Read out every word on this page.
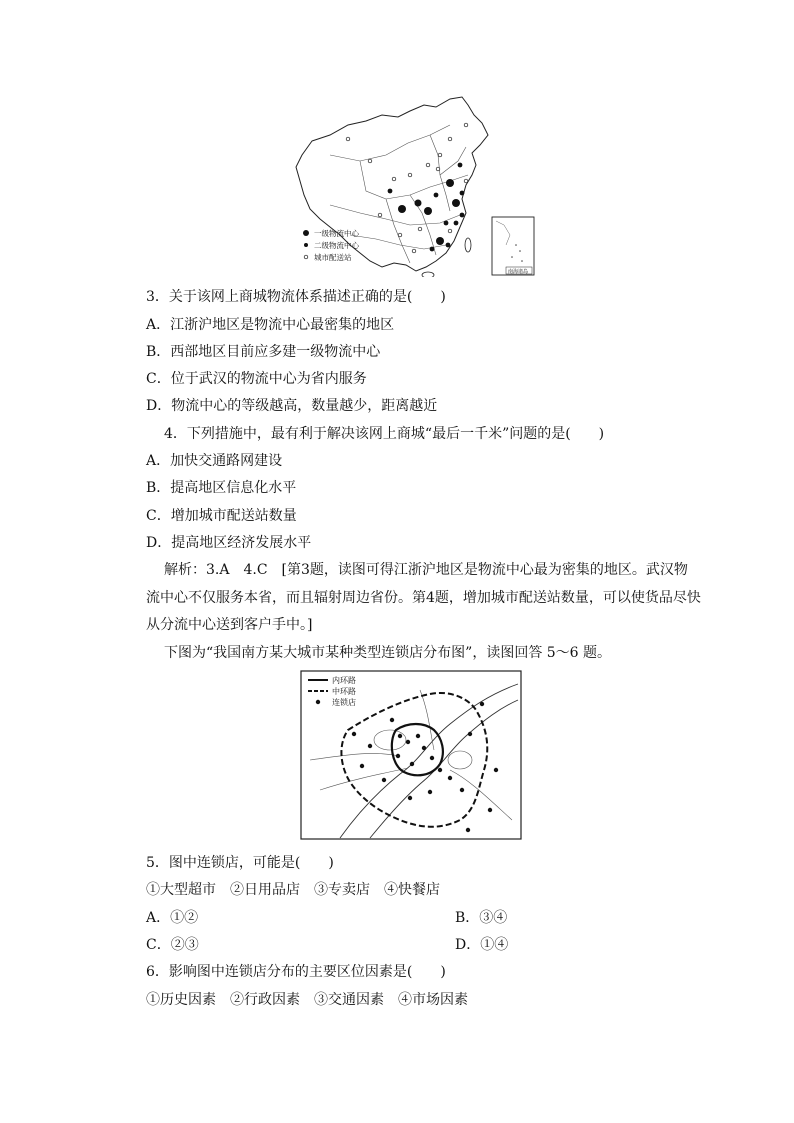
一级物流中心
二级物流中心
城市配送站
南海诸岛
3．关于该网上商城物流体系描述正确的是(　　)
A．江浙沪地区是物流中心最密集的地区
B．西部地区目前应多建一级物流中心
C．位于武汉的物流中心为省内服务
D．物流中心的等级越高，数量越少，距离越近
4．下列措施中，最有利于解决该网上商城“最后一千米”问题的是(　　)
A．加快交通路网建设
B．提高地区信息化水平
C．增加城市配送站数量
D．提高地区经济发展水平
解析：3.A　4.C　[第3题，读图可得江浙沪地区是物流中心最为密集的地区。武汉物
流中心不仅服务本省，而且辐射周边省份。第4题，增加城市配送站数量，可以使货品尽快
从分流中心送到客户手中。]
下图为“我国南方某大城市某种类型连锁店分布图”，读图回答 5～6 题。
内环路
中环路
连锁店
5．图中连锁店，可能是(　　)
①大型超市　②日用品店　③专卖店　④快餐店
A．①②	B．③④
C．②③	D．①④
6．影响图中连锁店分布的主要区位因素是(　　)
①历史因素　②行政因素　③交通因素　④市场因素
